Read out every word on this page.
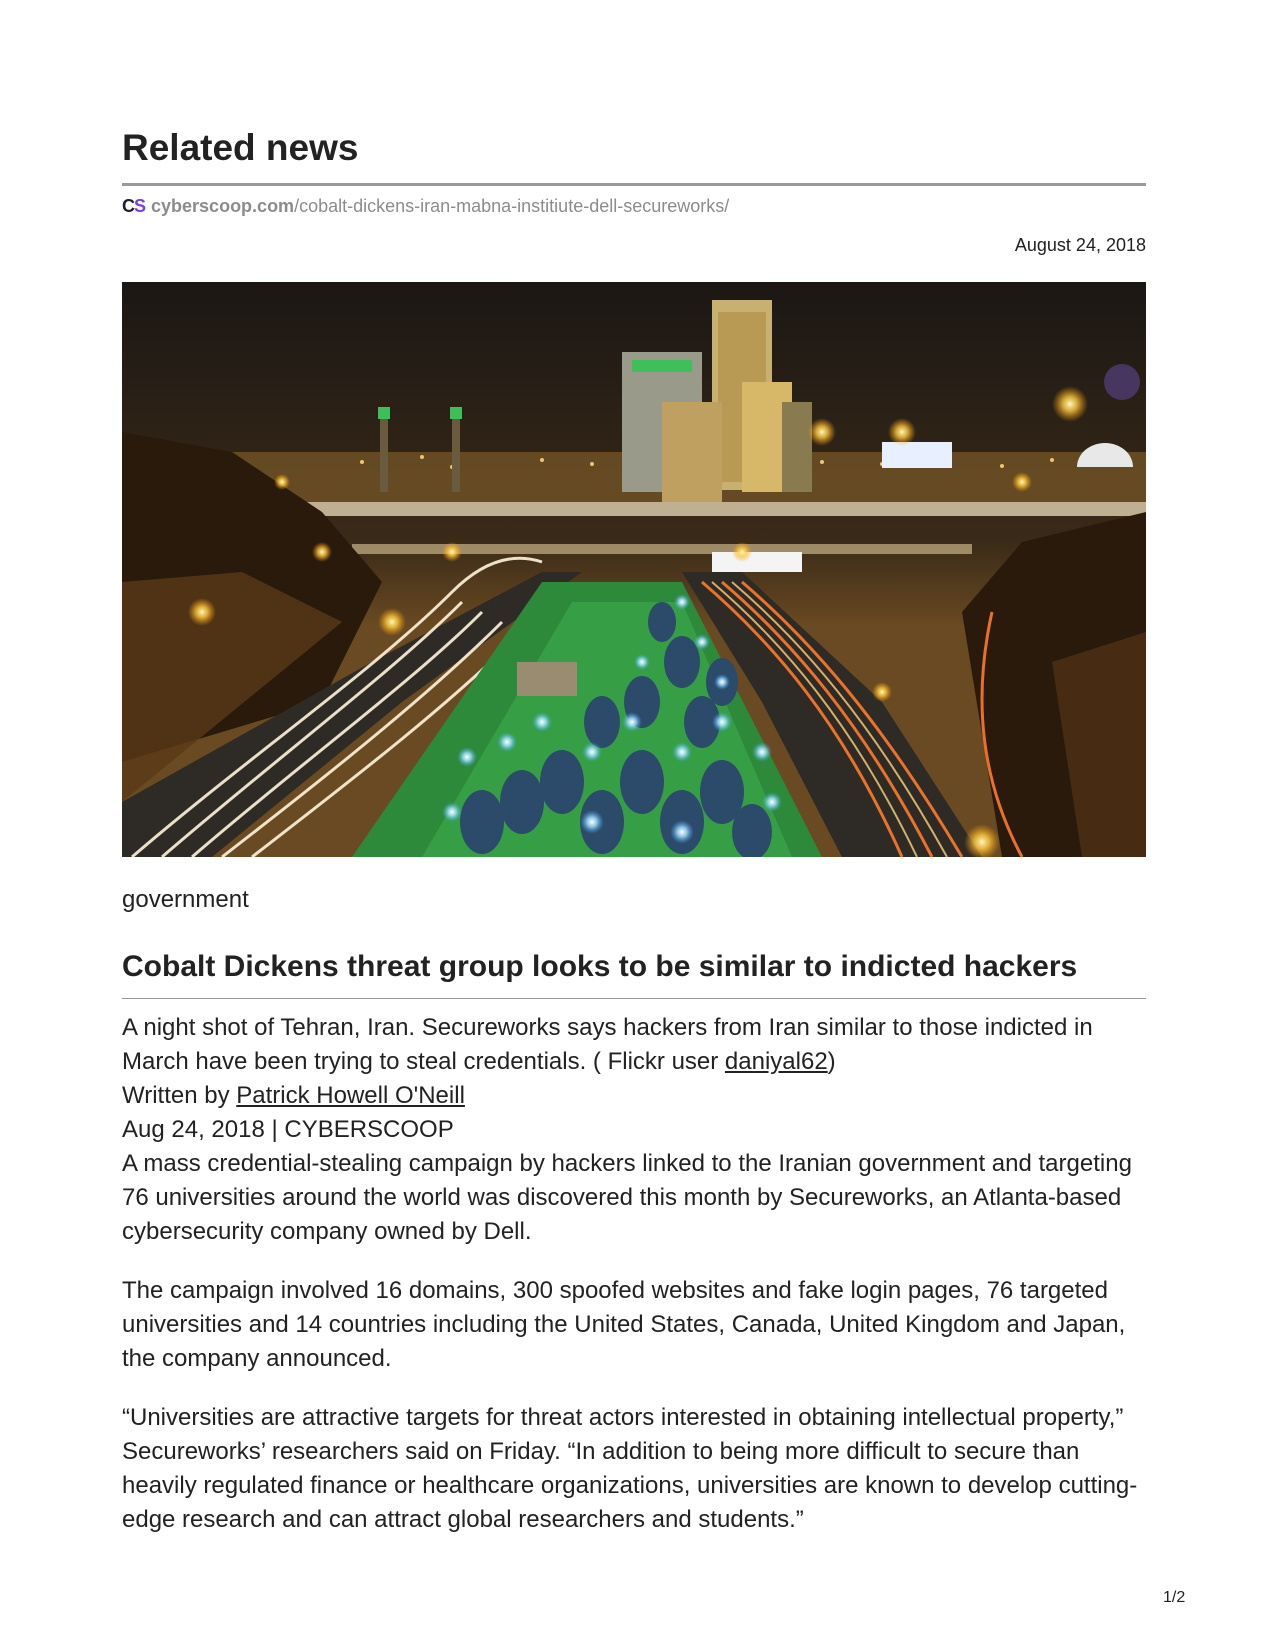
Related news
CS cyberscoop.com /cobalt-dickens-iran-mabna-institiute-dell-secureworks/
August 24, 2018
government
Cobalt Dickens threat group looks to be similar to indicted hackers

A night shot of Tehran, Iran. Secureworks says hackers from Iran similar to those indicted in March have been trying to steal credentials. ( Flickr user daniyal62)

Written by Patrick Howell O'Neill

Aug 24, 2018 | CYBERSCOOP

A mass credential-stealing campaign by hackers linked to the Iranian government and targeting 76 universities around the world was discovered this month by Secureworks, an Atlanta-based cybersecurity company owned by Dell.

The campaign involved 16 domains, 300 spoofed websites and fake login pages, 76 targeted universities and 14 countries including the United States, Canada, United Kingdom and Japan, the company announced.

“Universities are attractive targets for threat actors interested in obtaining intellectual property,” Secureworks’ researchers said on Friday. “In addition to being more difficult to secure than heavily regulated finance or healthcare organizations, universities are known to develop cutting-edge research and can attract global researchers and students.”

1/2
